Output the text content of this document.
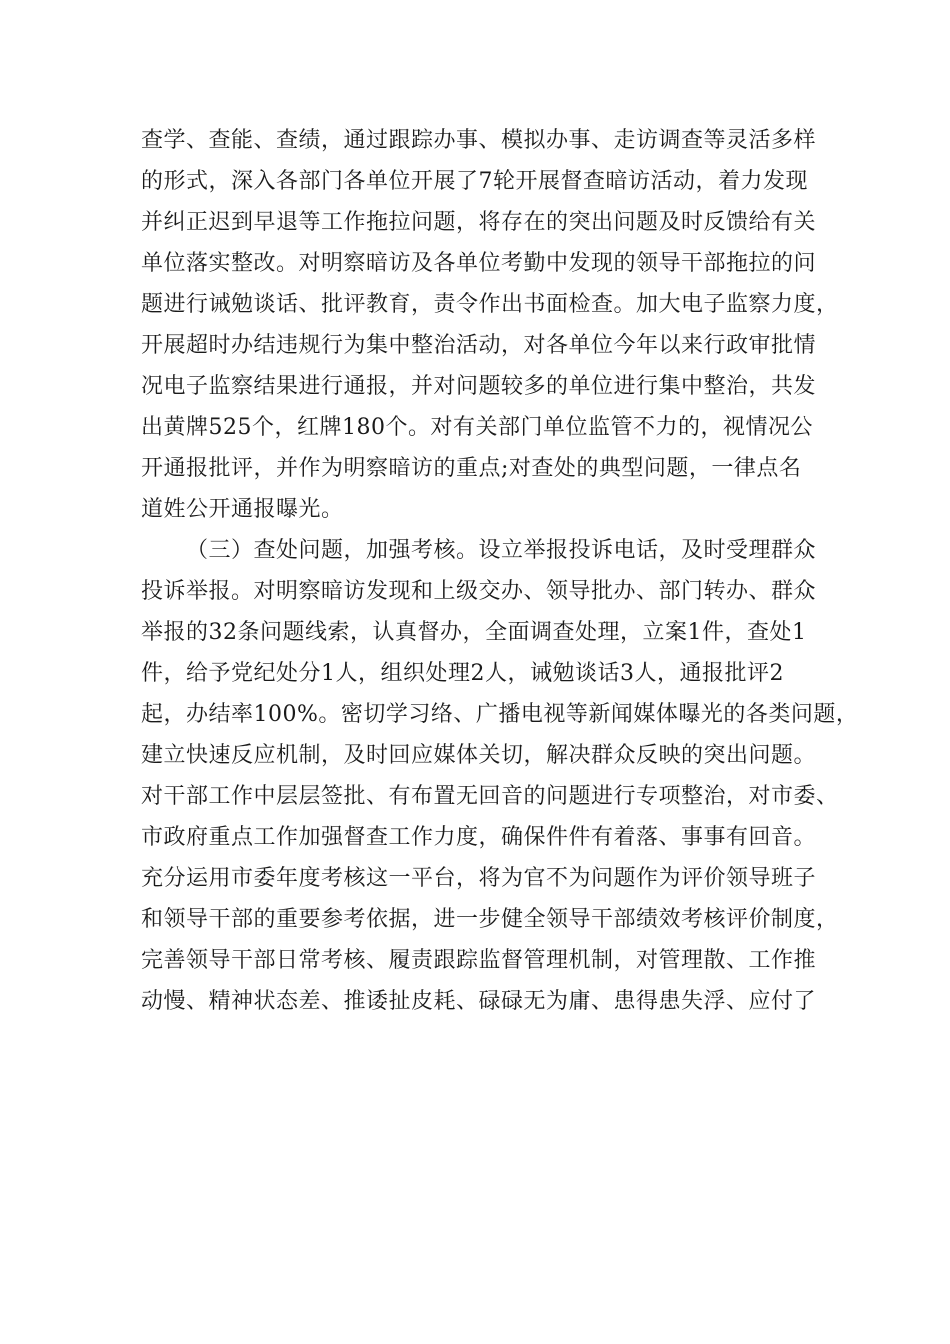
查学、查能、查绩，通过跟踪办事、模拟办事、走访调查等灵活多样
的形式，深入各部门各单位开展了7轮开展督查暗访活动，着力发现
并纠正迟到早退等工作拖拉问题，将存在的突出问题及时反馈给有关
单位落实整改。对明察暗访及各单位考勤中发现的领导干部拖拉的问
题进行诫勉谈话、批评教育，责令作出书面检查。加大电子监察力度，
开展超时办结违规行为集中整治活动，对各单位今年以来行政审批情
况电子监察结果进行通报，并对问题较多的单位进行集中整治，共发
出黄牌525个，红牌180个。对有关部门单位监管不力的，视情况公
开通报批评，并作为明察暗访的重点;对查处的典型问题，一律点名
道姓公开通报曝光。
（三）查处问题，加强考核。设立举报投诉电话，及时受理群众
投诉举报。对明察暗访发现和上级交办、领导批办、部门转办、群众
举报的32条问题线索，认真督办，全面调查处理，立案1件，查处1
件，给予党纪处分1人，组织处理2人，诫勉谈话3人，通报批评2
起，办结率100%。密切学习络、广播电视等新闻媒体曝光的各类问题，
建立快速反应机制，及时回应媒体关切，解决群众反映的突出问题。
对干部工作中层层签批、有布置无回音的问题进行专项整治，对市委、
市政府重点工作加强督查工作力度，确保件件有着落、事事有回音。
充分运用市委年度考核这一平台，将为官不为问题作为评价领导班子
和领导干部的重要参考依据，进一步健全领导干部绩效考核评价制度，
完善领导干部日常考核、履责跟踪监督管理机制，对管理散、工作推
动慢、精神状态差、推诿扯皮耗、碌碌无为庸、患得患失浮、应付了
